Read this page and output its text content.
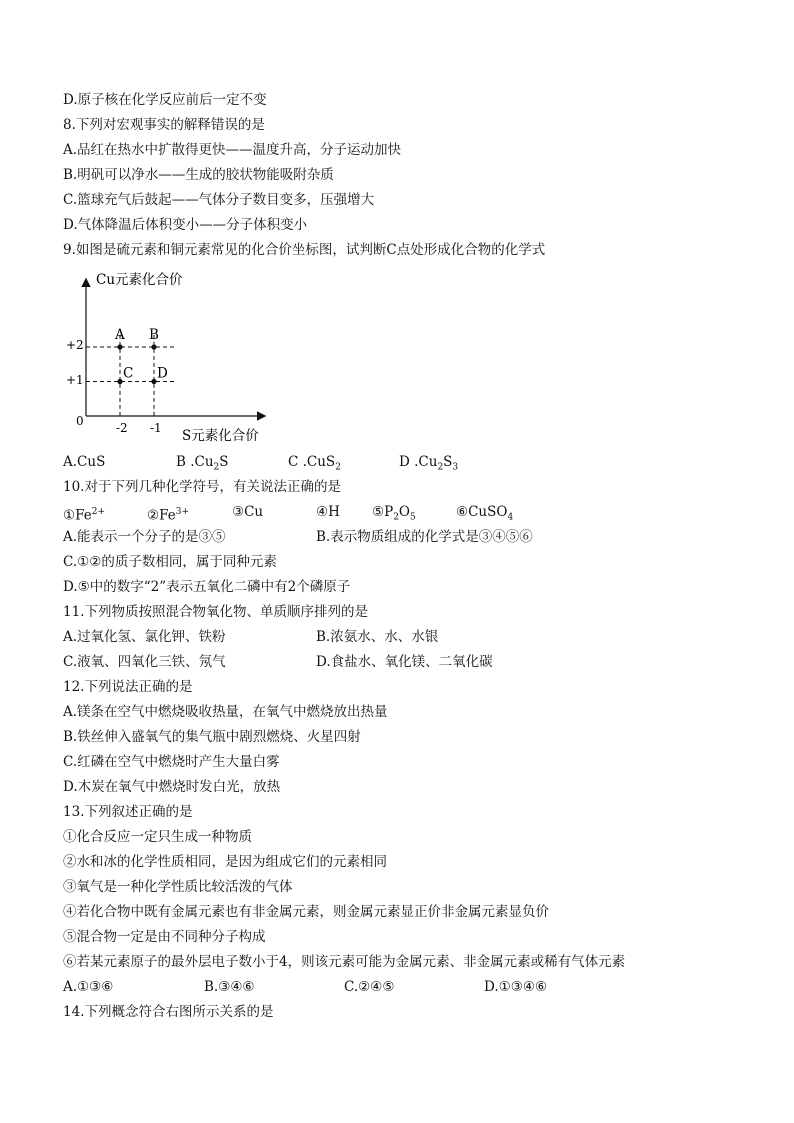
D.原子核在化学反应前后一定不变
8.下列对宏观事实的解释错误的是
A.品红在热水中扩散得更快——温度升高，分子运动加快
B.明矾可以净水——生成的胶状物能吸附杂质
C.篮球充气后鼓起——气体分子数目变多，压强增大
D.气体降温后体积变小——分子体积变小
9.如图是硫元素和铜元素常见的化合价坐标图，试判断C点处形成化合物的化学式
Cu元素化合价
S元素化合价
0
+2
+1
-2 -1
A B
C D
A.CuS	B $.Cu_2S$	C .CuS$_2$	D $.Cu_2S_3$
10.对于下列几种化学符号，有关说法正确的是
$①Fe^{2+}$	$②Fe^{3+}$	③Cu	④H $⑤P_2O_5$	⑥CuSO$_4$
A.能表示一个分子的是③⑤	B.表示物质组成的化学式是③④⑤⑥
C.①②的质子数相同，属于同种元素
D.⑤中的数字“2”表示五氧化二磷中有2个磷原子
11.下列物质按照混合物氧化物、单质顺序排列的是
A.过氧化氢、氯化钾、铁粉	B.浓氨水、水、水银
C.液氧、四氧化三铁、氖气	D.食盐水、氧化镁、二氧化碳
12.下列说法正确的是
A.镁条在空气中燃烧吸收热量，在氧气中燃烧放出热量
B.铁丝伸入盛氧气的集气瓶中剧烈燃烧、火星四射
C.红磷在空气中燃烧时产生大量白雾
D.木炭在氧气中燃烧时发白光，放热
13.下列叙述正确的是
①化合反应一定只生成一种物质
②水和冰的化学性质相同，是因为组成它们的元素相同
③氧气是一种化学性质比较活泼的气体
④若化合物中既有金属元素也有非金属元素，则金属元素显正价非金属元素显负价
⑤混合物一定是由不同种分子构成
⑥若某元素原子的最外层电子数小于4，则该元素可能为金属元素、非金属元素或稀有气体元素
A.①③⑥	B.③④⑥	C.②④⑤	D.①③④⑥
14.下列概念符合右图所示关系的是
